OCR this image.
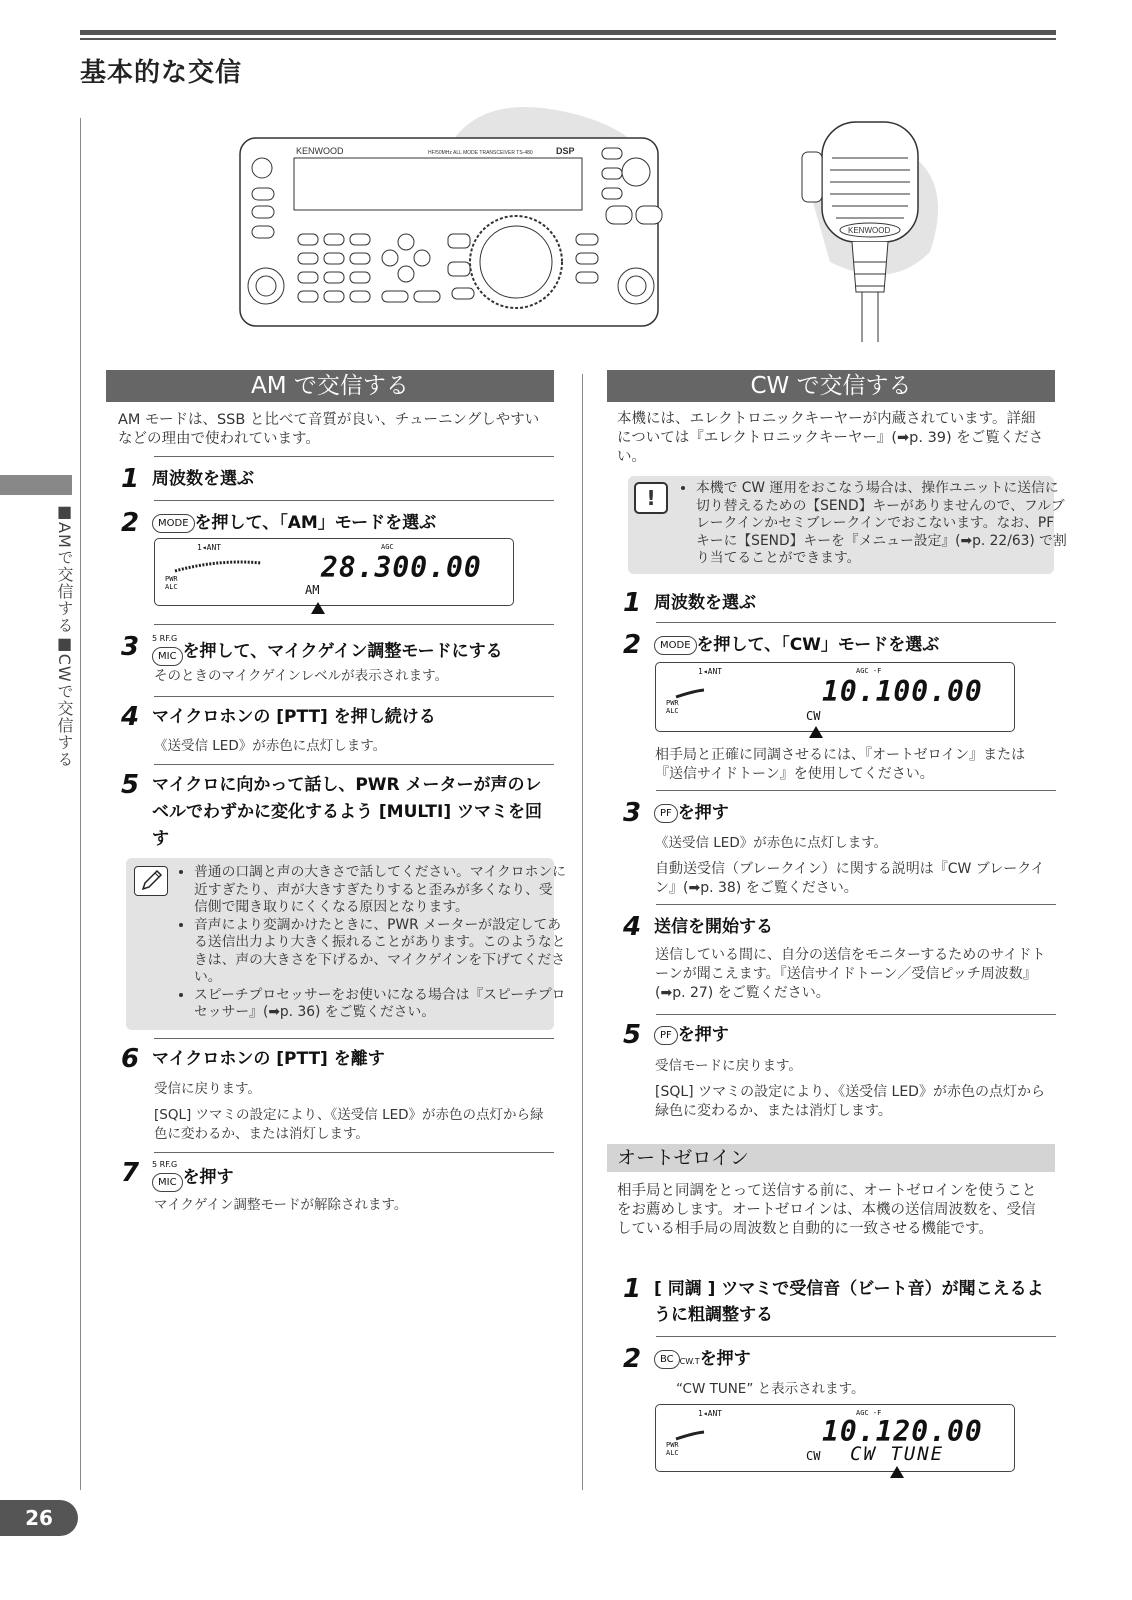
基本的な交信
■AMで交信する■CWで交信する
26
KENWOOD	HF/50MHz ALL MODE TRANSCEIVER TS-480	DSP
KENWOOD
AM で交信する
AM モードは、SSB と比べて音質が良い、チューニングしやすいなどの理由で使われています。
1 周波数を選ぶ
2	MODE を押して、「AM」モードを選ぶ
1◂ANT
PWR
ALC
AGC
28.300.00
AM
3	5 RF.G
MIC を押して、マイクゲイン調整モードにする
そのときのマイクゲインレベルが表示されます。
4 マイクロホンの [PTT] を押し続ける
《送受信 LED》が赤色に点灯します。
5 マイクロに向かって話し、PWR メーターが声のレベルでわずかに変化するよう [MULTI] ツマミを回す
• 普通の口調と声の大きさで話してください。マイクロホンに近すぎたり、声が大きすぎたりすると歪みが多くなり、受信側で聞き取りにくくなる原因となります。
• 音声により変調かけたときに、PWR メーターが設定してある送信出力より大きく振れることがあります。このようなときは、声の大きさを下げるか、マイクゲインを下げてください。
• スピーチプロセッサーをお使いになる場合は『スピーチプロセッサー』(➡p. 36) をご覧ください。
6 マイクロホンの [PTT] を離す
受信に戻ります。
[SQL] ツマミの設定により、《送受信 LED》が赤色の点灯から緑色に変わるか、または消灯します。
7	5 RF.G
MIC を押す
マイクゲイン調整モードが解除されます。
CW で交信する
本機には、エレクトロニックキーヤーが内蔵されています。詳細については『エレクトロニックキーヤー』(➡p. 39) をご覧ください。
!
•	本機で CW 運用をおこなう場合は、操作ユニットに送信に切り替えるための【SEND】キーがありませんので、フルブレークインかセミブレークインでおこないます。なお、PF キーに【SEND】キーを『メニュー設定』(➡p. 22/63) で割り当てることができます。
1 周波数を選ぶ
2	MODE を押して、「CW」モードを選ぶ
1◂ANT
PWR
ALC
AGC -F
10.100.00
CW
相手局と正確に同調させるには、『オートゼロイン』または『送信サイドトーン』を使用してください。
3	PF を押す
《送受信 LED》が赤色に点灯します。
自動送受信（ブレークイン）に関する説明は『CW ブレークイン』(➡p. 38) をご覧ください。
4 送信を開始する
送信している間に、自分の送信をモニターするためのサイドトーンが聞こえます。『送信サイドトーン／受信ピッチ周波数』(➡p. 27) をご覧ください。
5	PF を押す
受信モードに戻ります。
[SQL] ツマミの設定により、《送受信 LED》が赤色の点灯から緑色に変わるか、または消灯します。
オートゼロイン
相手局と同調をとって送信する前に、オートゼロインを使うことをお薦めします。オートゼロインは、本機の送信周波数を、受信している相手局の周波数と自動的に一致させる機能です。
1 [ 同調 ] ツマミで受信音（ビート音）が聞こえるように粗調整する
2	BC CW.Tを押す
“CW TUNE” と表示されます。
1◂ANT
PWR
ALC
AGC -F
10.120.00
CW CW TUNE
